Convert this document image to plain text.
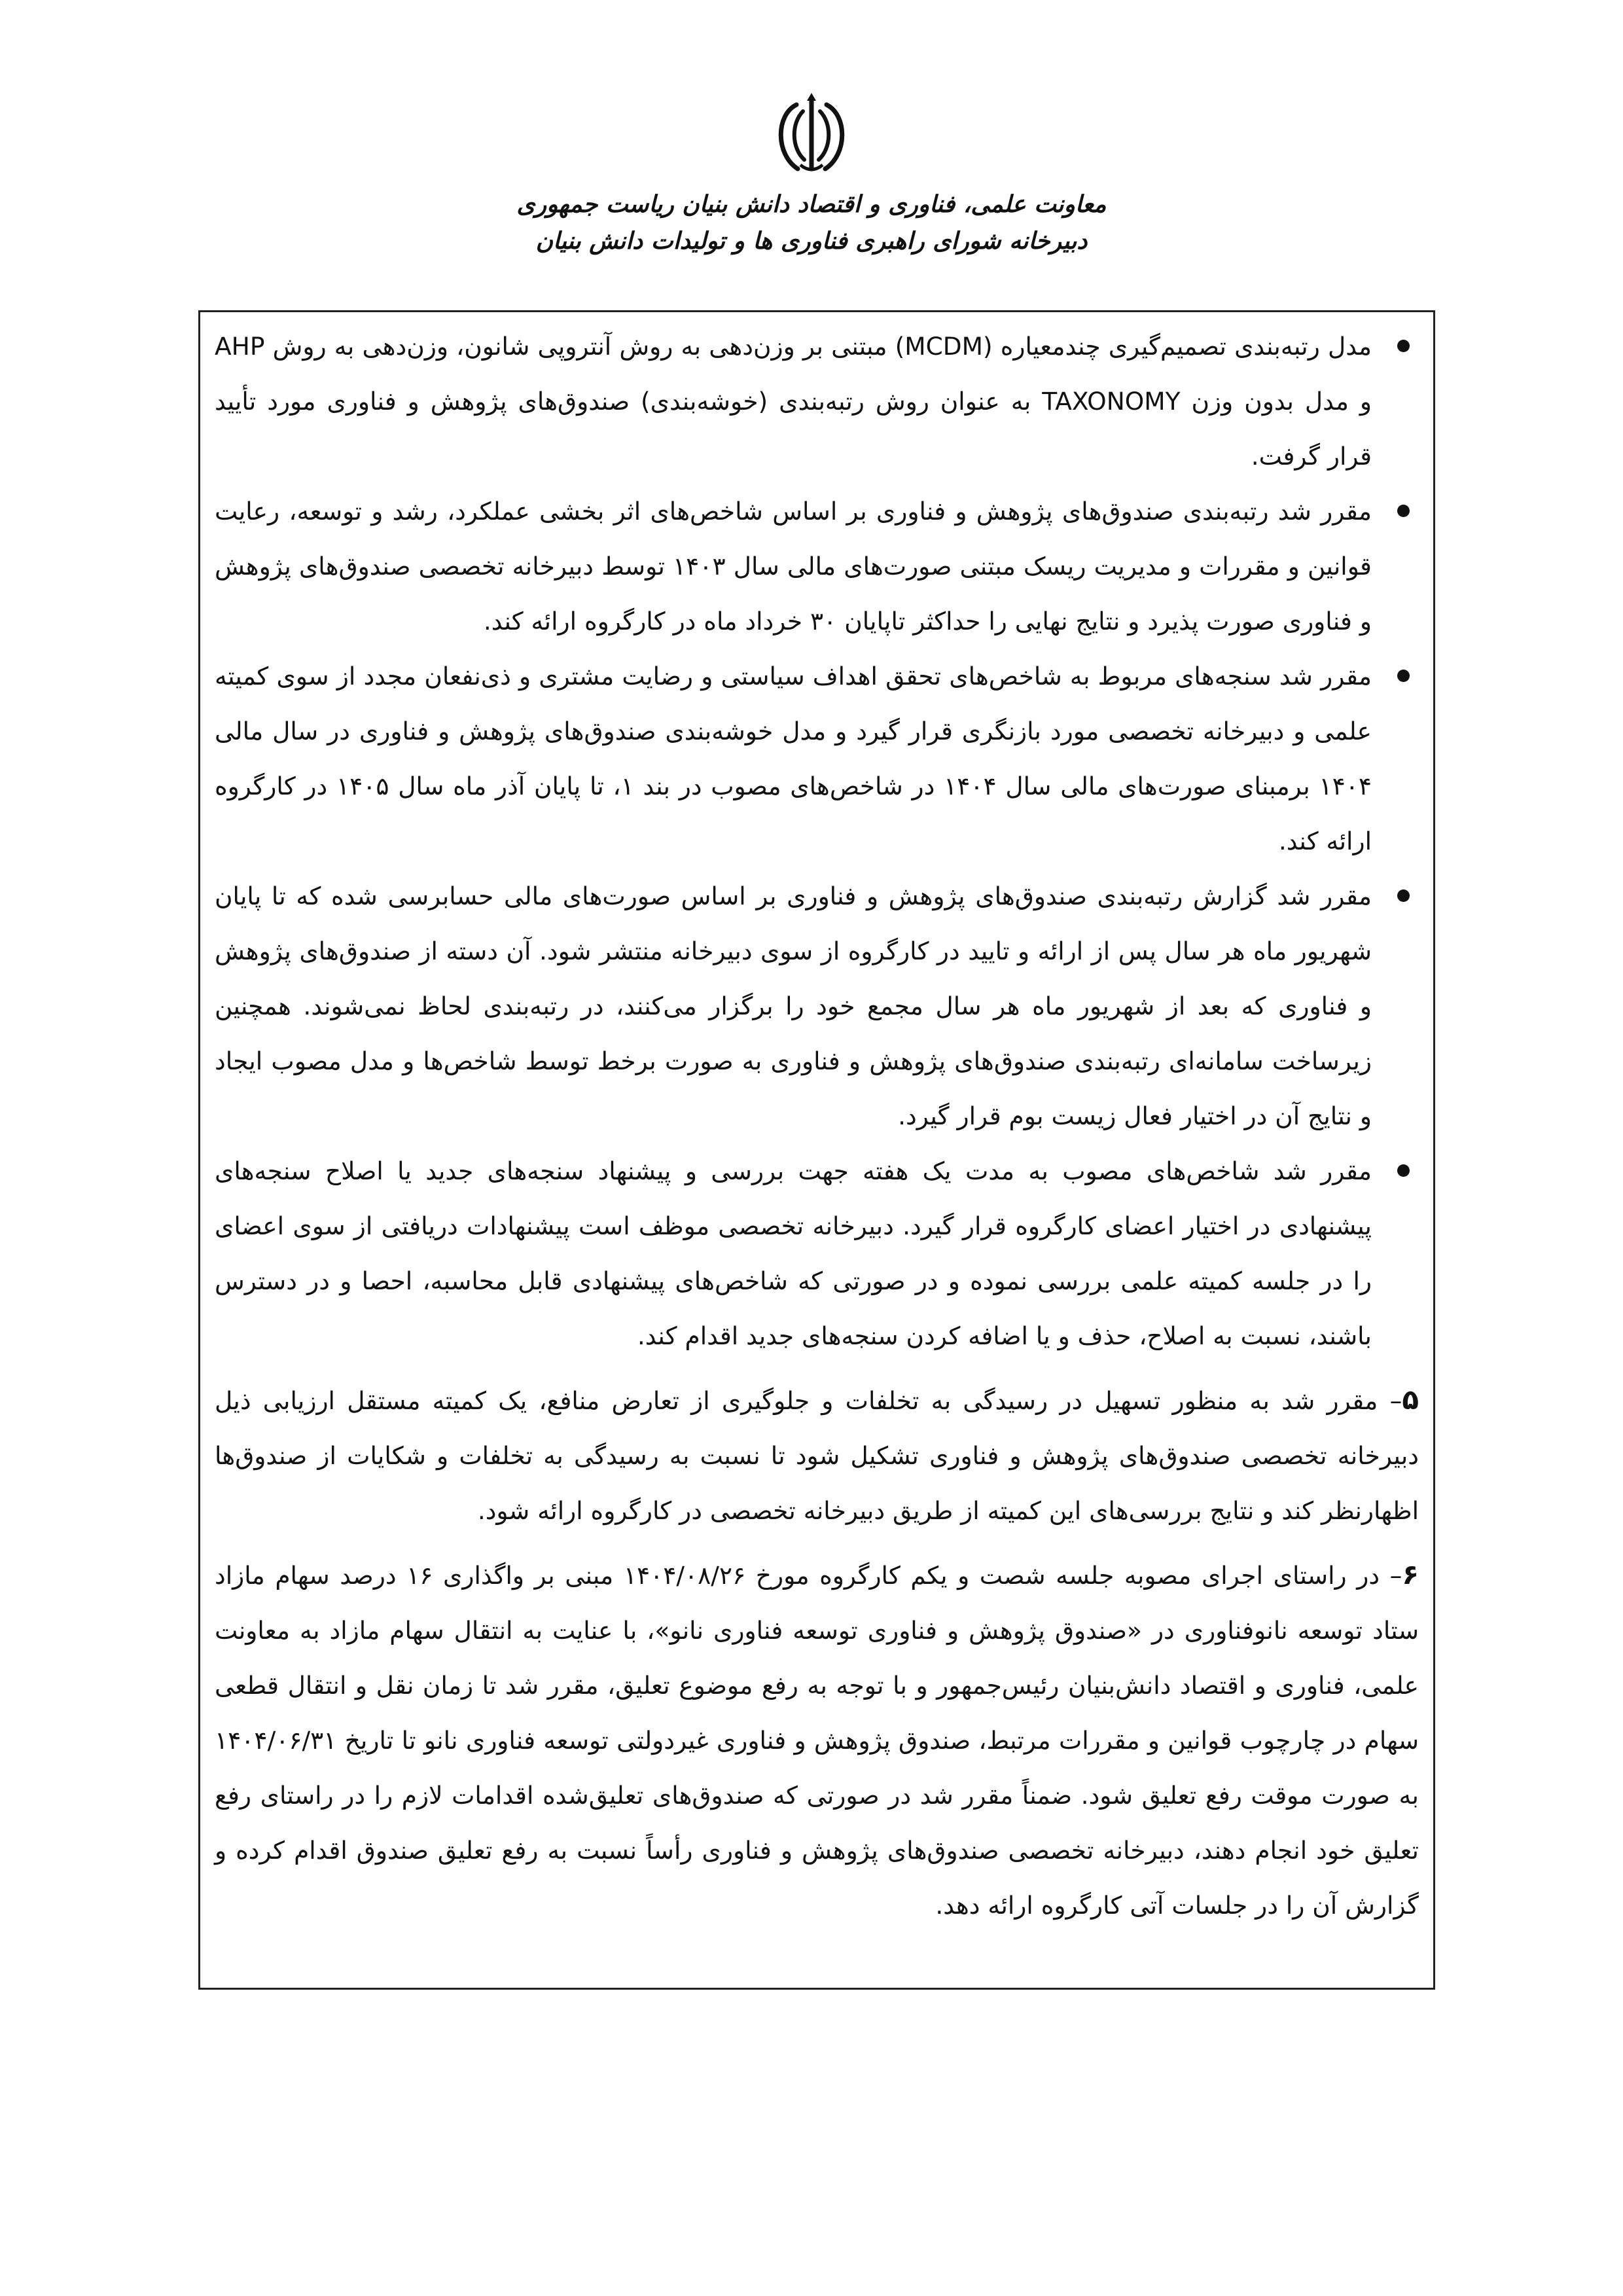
معاونت علمی، فناوری و اقتصاد دانش بنیان ریاست جمهوری
دبیرخانه شورای راهبری فناوری ها و تولیدات دانش بنیان
مدل رتبه‌بندی تصمیم‌گیری چندمعیاره (MCDM) مبتنی بر وزن‌دهی به روش آنتروپی شانون، وزن‌دهی به روش AHP و مدل بدون وزن TAXONOMY به عنوان روش رتبه‌بندی (خوشه‌بندی) صندوق‌های پژوهش و فناوری مورد تأیید قرار گرفت.
مقرر شد رتبه‌بندی صندوق‌های پژوهش و فناوری بر اساس شاخص‌های اثر بخشی عملکرد، رشد و توسعه، رعایت قوانین و مقررات و مدیریت ریسک مبتنی صورت‌های مالی سال ۱۴۰۳ توسط دبیرخانه تخصصی صندوق‌های پژوهش و فناوری صورت پذیرد و نتایج نهایی را حداکثر تاپایان ۳۰ خرداد ماه در کارگروه ارائه کند.
مقرر شد سنجه‌های مربوط به شاخص‌های تحقق اهداف سیاستی و رضایت مشتری و ذی‌نفعان مجدد از سوی کمیته علمی و دبیرخانه تخصصی مورد بازنگری قرار گیرد و مدل خوشه‌بندی صندوق‌های پژوهش و فناوری در سال مالی ۱۴۰۴ برمبنای صورت‌های مالی سال ۱۴۰۴ در شاخص‌های مصوب در بند ۱، تا پایان آذر ماه سال ۱۴۰۵ در کارگروه ارائه کند.
مقرر شد گزارش رتبه‌بندی صندوق‌های پژوهش و فناوری بر اساس صورت‌های مالی حسابرسی شده که تا پایان شهریور ماه هر سال پس از ارائه و تایید در کارگروه از سوی دبیرخانه منتشر شود. آن دسته از صندوق‌های پژوهش و فناوری که بعد از شهریور ماه هر سال مجمع خود را برگزار می‌کنند، در رتبه‌بندی لحاظ نمی‌شوند. همچنین زیرساخت سامانه‌ای رتبه‌بندی صندوق‌های پژوهش و فناوری به صورت برخط توسط شاخص‌ها و مدل مصوب ایجاد و نتایج آن در اختیار فعال زیست بوم قرار گیرد.
مقرر شد شاخص‌های مصوب به مدت یک هفته جهت بررسی و پیشنهاد سنجه‌های جدید یا اصلاح سنجه‌های پیشنهادی در اختیار اعضای کارگروه قرار گیرد. دبیرخانه تخصصی موظف است پیشنهادات دریافتی از سوی اعضای را در جلسه کمیته علمی بررسی نموده و در صورتی که شاخص‌های پیشنهادی قابل محاسبه، احصا و در دسترس باشند، نسبت به اصلاح، حذف و یا اضافه کردن سنجه‌های جدید اقدام کند.

۵– مقرر شد به منظور تسهیل در رسیدگی به تخلفات و جلوگیری از تعارض منافع، یک کمیته مستقل ارزیابی ذیل دبیرخانه تخصصی صندوق‌های پژوهش و فناوری تشکیل شود تا نسبت به رسیدگی به تخلفات و شکایات از صندوق‌ها اظهارنظر کند و نتایج بررسی‌های این کمیته از طریق دبیرخانه تخصصی در کارگروه ارائه شود.

۶– در راستای اجرای مصوبه جلسه شصت و یکم کارگروه مورخ ۱۴۰۴/۰۸/۲۶ مبنی بر واگذاری ۱۶ درصد سهام مازاد ستاد توسعه نانوفناوری در «صندوق پژوهش و فناوری توسعه فناوری نانو»، با عنایت به انتقال سهام مازاد به معاونت علمی، فناوری و اقتصاد دانش‌بنیان رئیس‌جمهور و با توجه به رفع موضوع تعلیق، مقرر شد تا زمان نقل و انتقال قطعی سهام در چارچوب قوانین و مقررات مرتبط، صندوق پژوهش و فناوری غیردولتی توسعه فناوری نانو تا تاریخ ۱۴۰۴/۰۶/۳۱ به صورت موقت رفع تعلیق شود. ضمناً مقرر شد در صورتی که صندوق‌های تعلیق‌شده اقدامات لازم را در راستای رفع تعلیق خود انجام دهند، دبیرخانه تخصصی صندوق‌های پژوهش و فناوری رأساً نسبت به رفع تعلیق صندوق اقدام کرده و گزارش آن را در جلسات آتی کارگروه ارائه دهد.
